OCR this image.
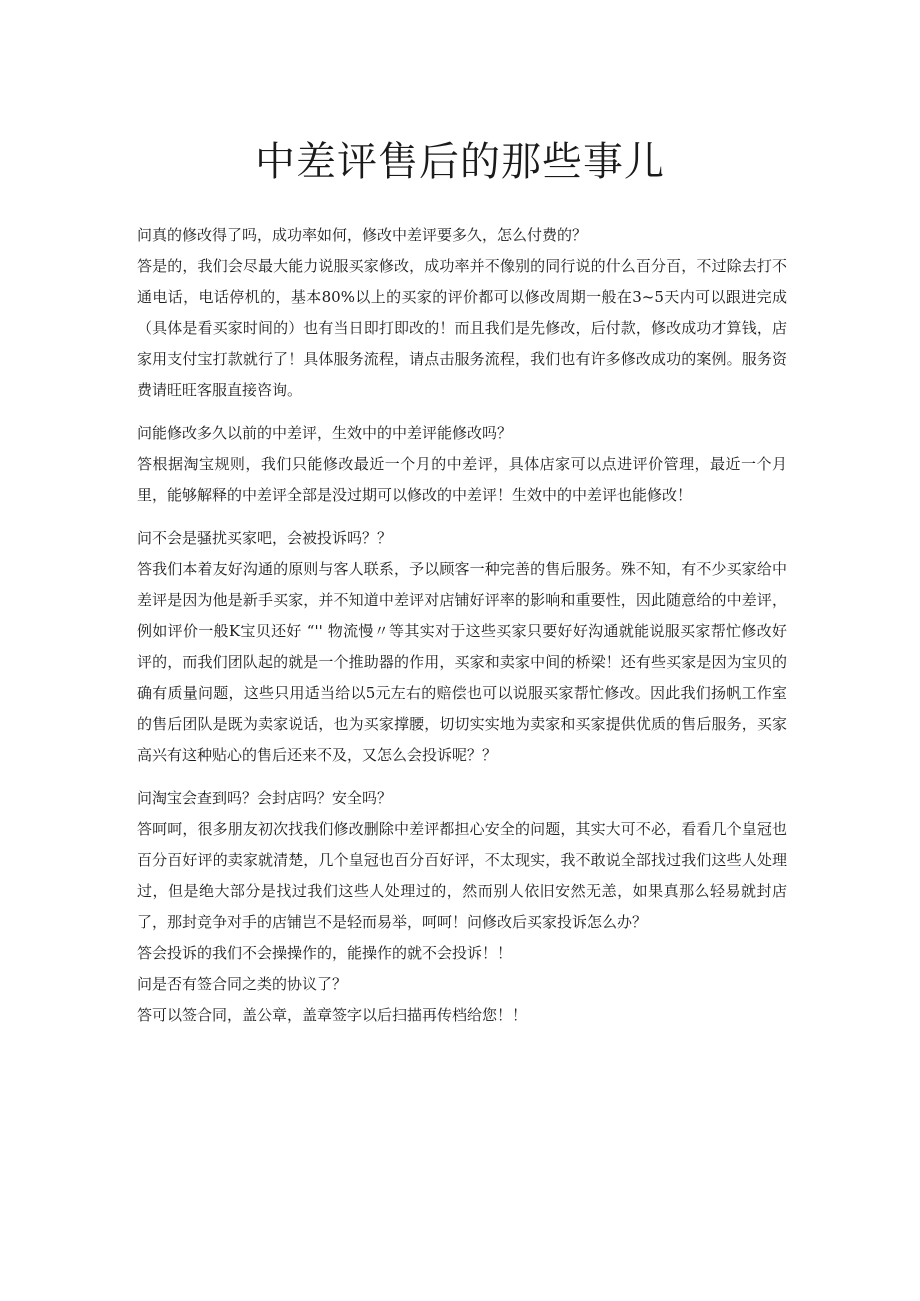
中差评售后的那些事儿

问真的修改得了吗，成功率如何，修改中差评要多久，怎么付费的？

答是的，我们会尽最大能力说服买家修改，成功率并不像别的同行说的什么百分百，不过除去打不通电话，电话停机的，基本80%以上的买家的评价都可以修改周期一般在3~5天内可以跟进完成（具体是看买家时间的）也有当日即打即改的！而且我们是先修改，后付款，修改成功才算钱，店家用支付宝打款就行了！具体服务流程，请点击服务流程，我们也有许多修改成功的案例。服务资费请旺旺客服直接咨询。

问能修改多久以前的中差评，生效中的中差评能修改吗？

答根据淘宝规则，我们只能修改最近一个月的中差评，具体店家可以点进评价管理，最近一个月里，能够解释的中差评全部是没过期可以修改的中差评！生效中的中差评也能修改！

问不会是骚扰买家吧，会被投诉吗？？

答我们本着友好沟通的原则与客人联系，予以顾客一种完善的售后服务。殊不知，有不少买家给中差评是因为他是新手买家，并不知道中差评对店铺好评率的影响和重要性，因此随意给的中差评，例如评价一般K宝贝还好 “'' 物流慢〃等其实对于这些买家只要好好沟通就能说服买家帮忙修改好评的，而我们团队起的就是一个推助器的作用，买家和卖家中间的桥梁！还有些买家是因为宝贝的确有质量问题，这些只用适当给以5元左右的赔偿也可以说服买家帮忙修改。因此我们扬帆工作室的售后团队是既为卖家说话，也为买家撑腰，切切实实地为卖家和买家提供优质的售后服务，买家高兴有这种贴心的售后还来不及，又怎么会投诉呢？？

问淘宝会查到吗？会封店吗？安全吗？

答呵呵，很多朋友初次找我们修改删除中差评都担心安全的问题，其实大可不必，看看几个皇冠也百分百好评的卖家就清楚，几个皇冠也百分百好评，不太现实，我不敢说全部找过我们这些人处理过，但是绝大部分是找过我们这些人处理过的，然而别人依旧安然无恙，如果真那么轻易就封店了，那封竞争对手的店铺岂不是轻而易举，呵呵！问修改后买家投诉怎么办？

答会投诉的我们不会操操作的，能操作的就不会投诉！！

问是否有签合同之类的协议了？

答可以签合同，盖公章，盖章签字以后扫描再传档给您！！
